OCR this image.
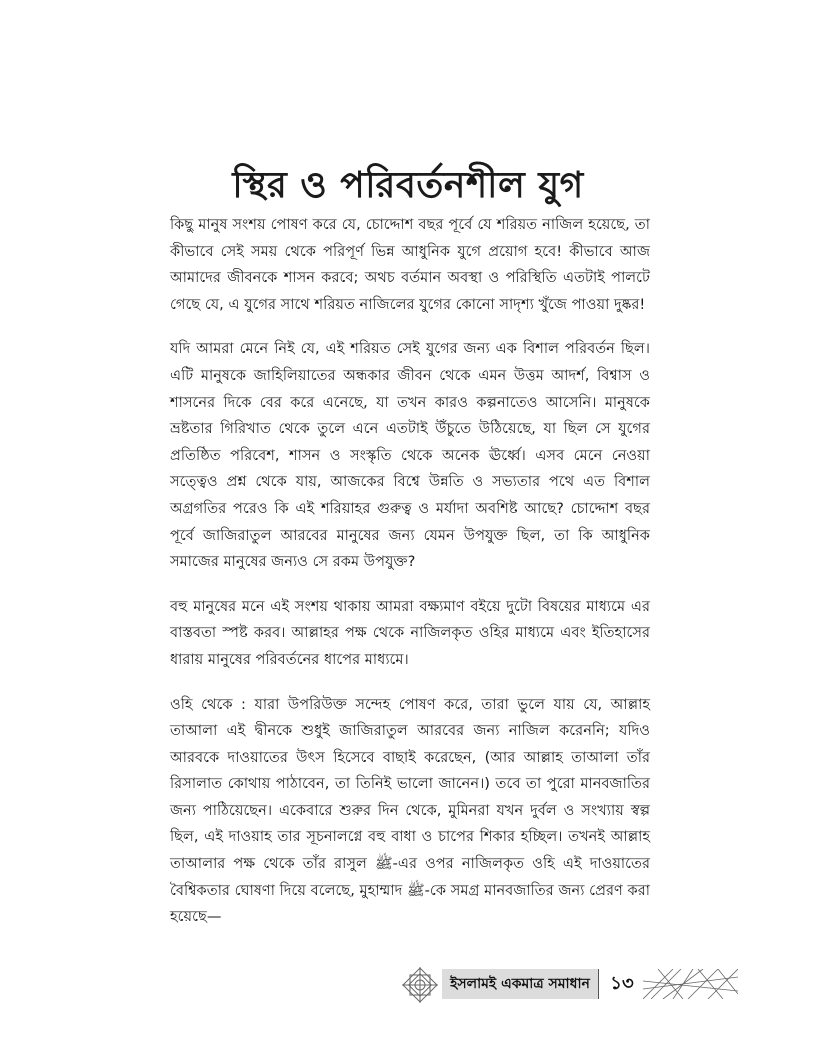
স্থির ও পরিবর্তনশীল যুগ

কিছু মানুষ সংশয় পোষণ করে যে, চোদ্দোশ বছর পূর্বে যে শরিয়ত নাজিল হয়েছে, তা কীভাবে সেই সময় থেকে পরিপূর্ণ ভিন্ন আধুনিক যুগে প্রয়োগ হবে! কীভাবে আজ আমাদের জীবনকে শাসন করবে; অথচ বর্তমান অবস্থা ও পরিস্থিতি এতটাই পালটে গেছে যে, এ যুগের সাথে শরিয়ত নাজিলের যুগের কোনো সাদৃশ্য খুঁজে পাওয়া দুষ্কর!

যদি আমরা মেনে নিই যে, এই শরিয়ত সেই যুগের জন্য এক বিশাল পরিবর্তন ছিল। এটি মানুষকে জাহিলিয়াতের অন্ধকার জীবন থেকে এমন উত্তম আদর্শ, বিশ্বাস ও শাসনের দিকে বের করে এনেছে, যা তখন কারও কল্পনাতেও আসেনি। মানুষকে ভ্রষ্টতার গিরিখাত থেকে তুলে এনে এতটাই উঁচুতে উঠিয়েছে, যা ছিল সে যুগের প্রতিষ্ঠিত পরিবেশ, শাসন ও সংস্কৃতি থেকে অনেক ঊর্ধ্বে। এসব মেনে নেওয়া সত্ত্বেও প্রশ্ন থেকে যায়, আজকের বিশ্বে উন্নতি ও সভ্যতার পথে এত বিশাল অগ্রগতির পরেও কি এই শরিয়াহর গুরুত্ব ও মর্যাদা অবশিষ্ট আছে? চোদ্দোশ বছর পূর্বে জাজিরাতুল আরবের মানুষের জন্য যেমন উপযুক্ত ছিল, তা কি আধুনিক সমাজের মানুষের জন্যও সে রকম উপযুক্ত?

বহু মানুষের মনে এই সংশয় থাকায় আমরা বক্ষ্যমাণ বইয়ে দুটো বিষয়ের মাধ্যমে এর বাস্তবতা স্পষ্ট করব। আল্লাহর পক্ষ থেকে নাজিলকৃত ওহির মাধ্যমে এবং ইতিহাসের ধারায় মানুষের পরিবর্তনের ধাপের মাধ্যমে।

ওহি থেকে : যারা উপরিউক্ত সন্দেহ পোষণ করে, তারা ভুলে যায় যে, আল্লাহ তাআলা এই দ্বীনকে শুধুই জাজিরাতুল আরবের জন্য নাজিল করেননি; যদিও আরবকে দাওয়াতের উৎস হিসেবে বাছাই করেছেন, (আর আল্লাহ তাআলা তাঁর রিসালাত কোথায় পাঠাবেন, তা তিনিই ভালো জানেন।) তবে তা পুরো মানবজাতির জন্য পাঠিয়েছেন। একেবারে শুরুর দিন থেকে, মুমিনরা যখন দুর্বল ও সংখ্যায় স্বল্প ছিল, এই দাওয়াহ তার সূচনালগ্নে বহু বাধা ও চাপের শিকার হচ্ছিল। তখনই আল্লাহ তাআলার পক্ষ থেকে তাঁর রাসুল ﷺ-এর ওপর নাজিলকৃত ওহি এই দাওয়াতের বৈশ্বিকতার ঘোষণা দিয়ে বলেছে, মুহাম্মাদ ﷺ-কে সমগ্র মানবজাতির জন্য প্রেরণ করা হয়েছে—

ইসলামই একমাত্র সমাধান	১৩
